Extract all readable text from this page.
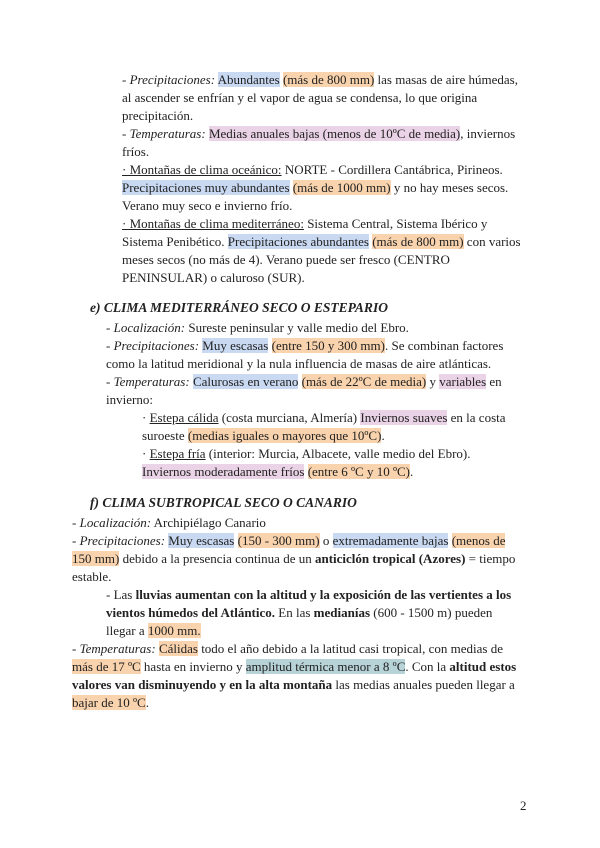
- Precipitaciones: Abundantes (más de 800 mm) las masas de aire húmedas,
al ascender se enfrían y el vapor de agua se condensa, lo que origina
precipitación.
- Temperaturas: Medias anuales bajas (menos de 10ºC de media), inviernos
fríos.
· Montañas de clima oceánico: NORTE - Cordillera Cantábrica, Pirineos.
Precipitaciones muy abundantes (más de 1000 mm) y no hay meses secos.
Verano muy seco e invierno frío.
· Montañas de clima mediterráneo: Sistema Central, Sistema Ibérico y
Sistema Penibético. Precipitaciones abundantes (más de 800 mm) con varios
meses secos (no más de 4). Verano puede ser fresco (CENTRO
PENINSULAR) o caluroso (SUR).
e) CLIMA MEDITERRÁNEO SECO O ESTEPARIO
- Localización: Sureste peninsular y valle medio del Ebro.
- Precipitaciones: Muy escasas (entre 150 y 300 mm). Se combinan factores
como la latitud meridional y la nula influencia de masas de aire atlánticas.
- Temperaturas: Calurosas en verano (más de 22ºC de media) y variables en
invierno:
· Estepa cálida (costa murciana, Almería) Inviernos suaves en la costa
suroeste (medias iguales o mayores que 10ºC).
· Estepa fría (interior: Murcia, Albacete, valle medio del Ebro).
Inviernos moderadamente fríos (entre 6 ºC y 10 ºC).
f) CLIMA SUBTROPICAL SECO O CANARIO
- Localización: Archipiélago Canario
- Precipitaciones: Muy escasas (150 - 300 mm) o extremadamente bajas (menos de
150 mm) debido a la presencia continua de un anticiclón tropical (Azores) = tiempo
estable.
- Las lluvias aumentan con la altitud y la exposición de las vertientes a los
vientos húmedos del Atlántico. En las medianías (600 - 1500 m) pueden
llegar a 1000 mm.
- Temperaturas: Cálidas todo el año debido a la latitud casi tropical, con medias de
más de 17 ºC hasta en invierno y amplitud térmica menor a 8 ºC. Con la altitud estos
valores van disminuyendo y en la alta montaña las medias anuales pueden llegar a
bajar de 10 ºC.
2
